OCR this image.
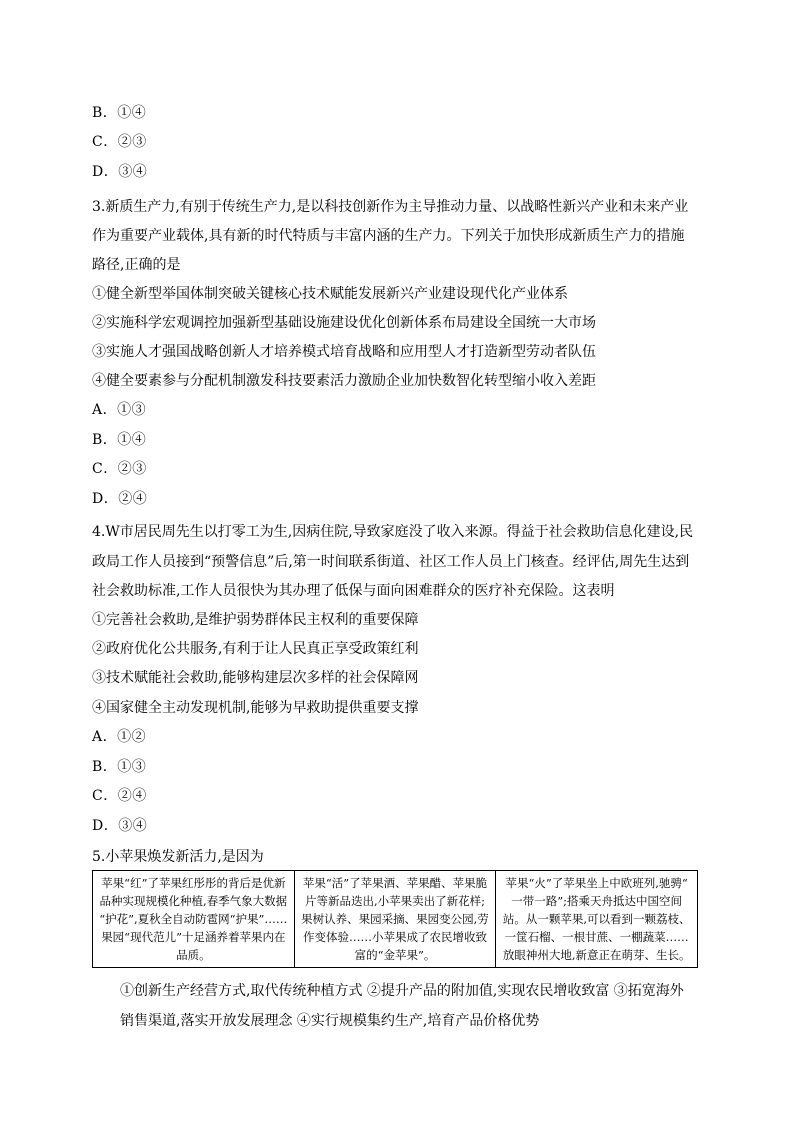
B．①④
C．②③
D．③④
3.新质生产力,有别于传统生产力,是以科技创新作为主导推动力量、以战略性新兴产业和未来产业
作为重要产业载体,具有新的时代特质与丰富内涵的生产力。下列关于加快形成新质生产力的措施
路径,正确的是
①健全新型举国体制突破关键核心技术赋能发展新兴产业建设现代化产业体系
②实施科学宏观调控加强新型基础设施建设优化创新体系布局建设全国统一大市场
③实施人才强国战略创新人才培养模式培育战略和应用型人才打造新型劳动者队伍
④健全要素参与分配机制激发科技要素活力激励企业加快数智化转型缩小收入差距
A．①③
B．①④
C．②③
D．②④
4.W市居民周先生以打零工为生,因病住院,导致家庭没了收入来源。得益于社会救助信息化建设,民
政局工作人员接到“预警信息”后,第一时间联系街道、社区工作人员上门核查。经评估,周先生达到
社会救助标准,工作人员很快为其办理了低保与面向困难群众的医疗补充保险。这表明
①完善社会救助,是维护弱势群体民主权利的重要保障
②政府优化公共服务,有利于让人民真正享受政策红利
③技术赋能社会救助,能够构建层次多样的社会保障网
④国家健全主动发现机制,能够为早救助提供重要支撑
A．①②
B．①③
C．②④
D．③④
5.小苹果焕发新活力,是因为
苹果“红”了苹果红彤彤的背后是优新
品种实现规模化种植,春季气象大数据
“护花”,夏秋全自动防雹网“护果”……
果园“现代范儿”十足涵养着苹果内在
品质。

苹果“活”了苹果酒、苹果醋、苹果脆
片等新品迭出,小苹果卖出了新花样;
果树认养、果园采摘、果园变公园,劳
作变体验……小苹果成了农民增收致
富的“金苹果”。

苹果“火”了苹果坐上中欧班列,驰骋“
一带一路”;搭乘天舟抵达中国空间
站。从一颗苹果,可以看到一颗荔枝、
一筐石榴、一根甘蔗、一棚蔬菜……
放眼神州大地,新意正在萌芽、生长。
①创新生产经营方式,取代传统种植方式 ②提升产品的附加值,实现农民增收致富 ③拓宽海外
销售渠道,落实开放发展理念 ④实行规模集约生产,培育产品价格优势
